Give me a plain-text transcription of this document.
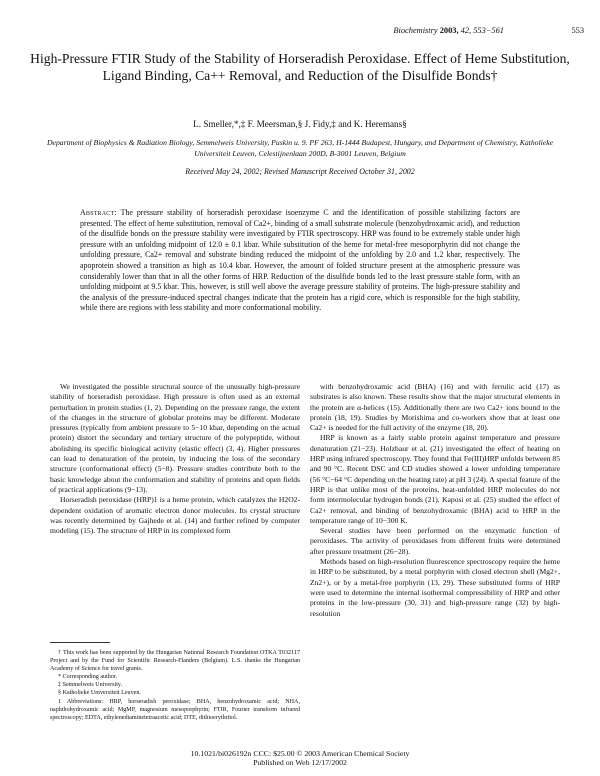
Biochemistry 2003, 42, 553−561	553
High-Pressure FTIR Study of the Stability of Horseradish Peroxidase. Effect of Heme Substitution, Ligand Binding, Ca++ Removal, and Reduction of the Disulfide Bonds†
L. Smeller,*,‡ F. Meersman,§ J. Fidy,‡ and K. Heremans§
Department of Biophysics & Radiation Biology, Semmelweis University, Puskin u. 9. PF 263, H-1444 Budapest, Hungary, and Department of Chemistry, Katholieke Universiteit Leuven, Celestijnenlaan 200D, B-3001 Leuven, Belgium
Received May 24, 2002; Revised Manuscript Received October 31, 2002
Abstract: The pressure stability of horseradish peroxidase isoenzyme C and the identification of possible stabilizing factors are presented. The effect of heme substitution, removal of Ca2+, binding of a small substrate molecule (benzohydroxamic acid), and reduction of the disulfide bonds on the pressure stability were investigated by FTIR spectroscopy. HRP was found to be extremely stable under high pressure with an unfolding midpoint of 12.0 ± 0.1 kbar. While substitution of the heme for metal-free mesoporphyrin did not change the unfolding pressure, Ca2+ removal and substrate binding reduced the midpoint of the unfolding by 2.0 and 1.2 kbar, respectively. The apoprotein showed a transition as high as 10.4 kbar. However, the amount of folded structure present at the atmospheric pressure was considerably lower than that in all the other forms of HRP. Reduction of the disulfide bonds led to the least pressure stable form, with an unfolding midpoint at 9.5 kbar. This, however, is still well above the average pressure stability of proteins. The high-pressure stability and the analysis of the pressure-induced spectral changes indicate that the protein has a rigid core, which is responsible for the high stability, while there are regions with less stability and more conformational mobility.

We investigated the possible structural source of the unusually high-pressure stability of horseradish peroxidase. High pressure is often used as an external perturbation in protein studies (1, 2). Depending on the pressure range, the extent of the changes in the structure of globular proteins may be different. Moderate pressures (typically from ambient pressure to 5−10 kbar, depending on the actual protein) distort the secondary and tertiary structure of the polypeptide, without abolishing its specific biological activity (elastic effect) (3, 4). Higher pressures can lead to denaturation of the protein, by inducing the loss of the secondary structure (conformational effect) (5−8). Pressure studies contribute both to the basic knowledge about the conformation and stability of proteins and open fields of practical applications (9−13).

Horseradish peroxidase (HRP)1 is a heme protein, which catalyzes the H2O2-dependent oxidation of aromatic electron donor molecules. Its crystal structure was recently determined by Gajhede et al. (14) and further refined by computer modeling (15). The structure of HRP in its complexed form

with benzohydroxamic acid (BHA) (16) and with ferrulic acid (17) as substrates is also known. These results show that the major structural elements in the protein are α-helices (15). Additionally there are two Ca2+ ions bound to the protein (18, 19). Studies by Morishima and co-workers show that at least one Ca2+ is needed for the full activity of the enzyme (18, 20).

HRP is known as a fairly stable protein against temperature and pressure denaturation (21−23). Holzbaur et al. (21) investigated the effect of heating on HRP using infrared spectroscopy. They found that Fe(III)HRP unfolds between 85 and 90 °C. Recent DSC and CD studies showed a lower unfolding temperature (56 °C−64 °C depending on the heating rate) at pH 3 (24). A special feature of the HRP is that unlike most of the proteins, heat-unfolded HRP molecules do not form intermolecular hydrogen bonds (21). Kaposi et al. (25) studied the effect of Ca2+ removal, and binding of benzohydroxamic (BHA) acid to HRP in the temperature range of 10−300 K.

Several studies have been performed on the enzymatic function of peroxidases. The activity of peroxidases from different fruits were determined after pressure treatment (26−28).

Methods based on high-resolution fluorescence spectroscopy require the heme in HRP to be substituted, by a metal porphyrin with closed electron shell (Mg2+, Zn2+), or by a metal-free porphyrin (13, 29). These substituted forms of HRP were used to determine the internal isothermal compressibility of HRP and other proteins in the low-pressure (30, 31) and high-pressure range (32) by high-resolution

† This work has been supported by the Hungarian National Research Foundation OTKA T032117 Project and by the Fund for Scientific Research-Flanders (Belgium). L.S. thanks the Hungarian Academy of Science for travel grants.

* Corresponding author.

‡ Semmelweis University.

§ Katholieke Universiteit Leuven.

1 Abbreviations: HRP, horseradish peroxidase; BHA, benzohydroxamic acid; NHA, naphthohydroxamic acid; MgMP, magnesium mesoporphyrin; FTIR, Fourier transform infrared spectroscopy; EDTA, ethylenediaminetetraacetic acid; DTE, dithioerythritol.

10.1021/bi026192n CCC: $25.00 © 2003 American Chemical Society
Published on Web 12/17/2002
